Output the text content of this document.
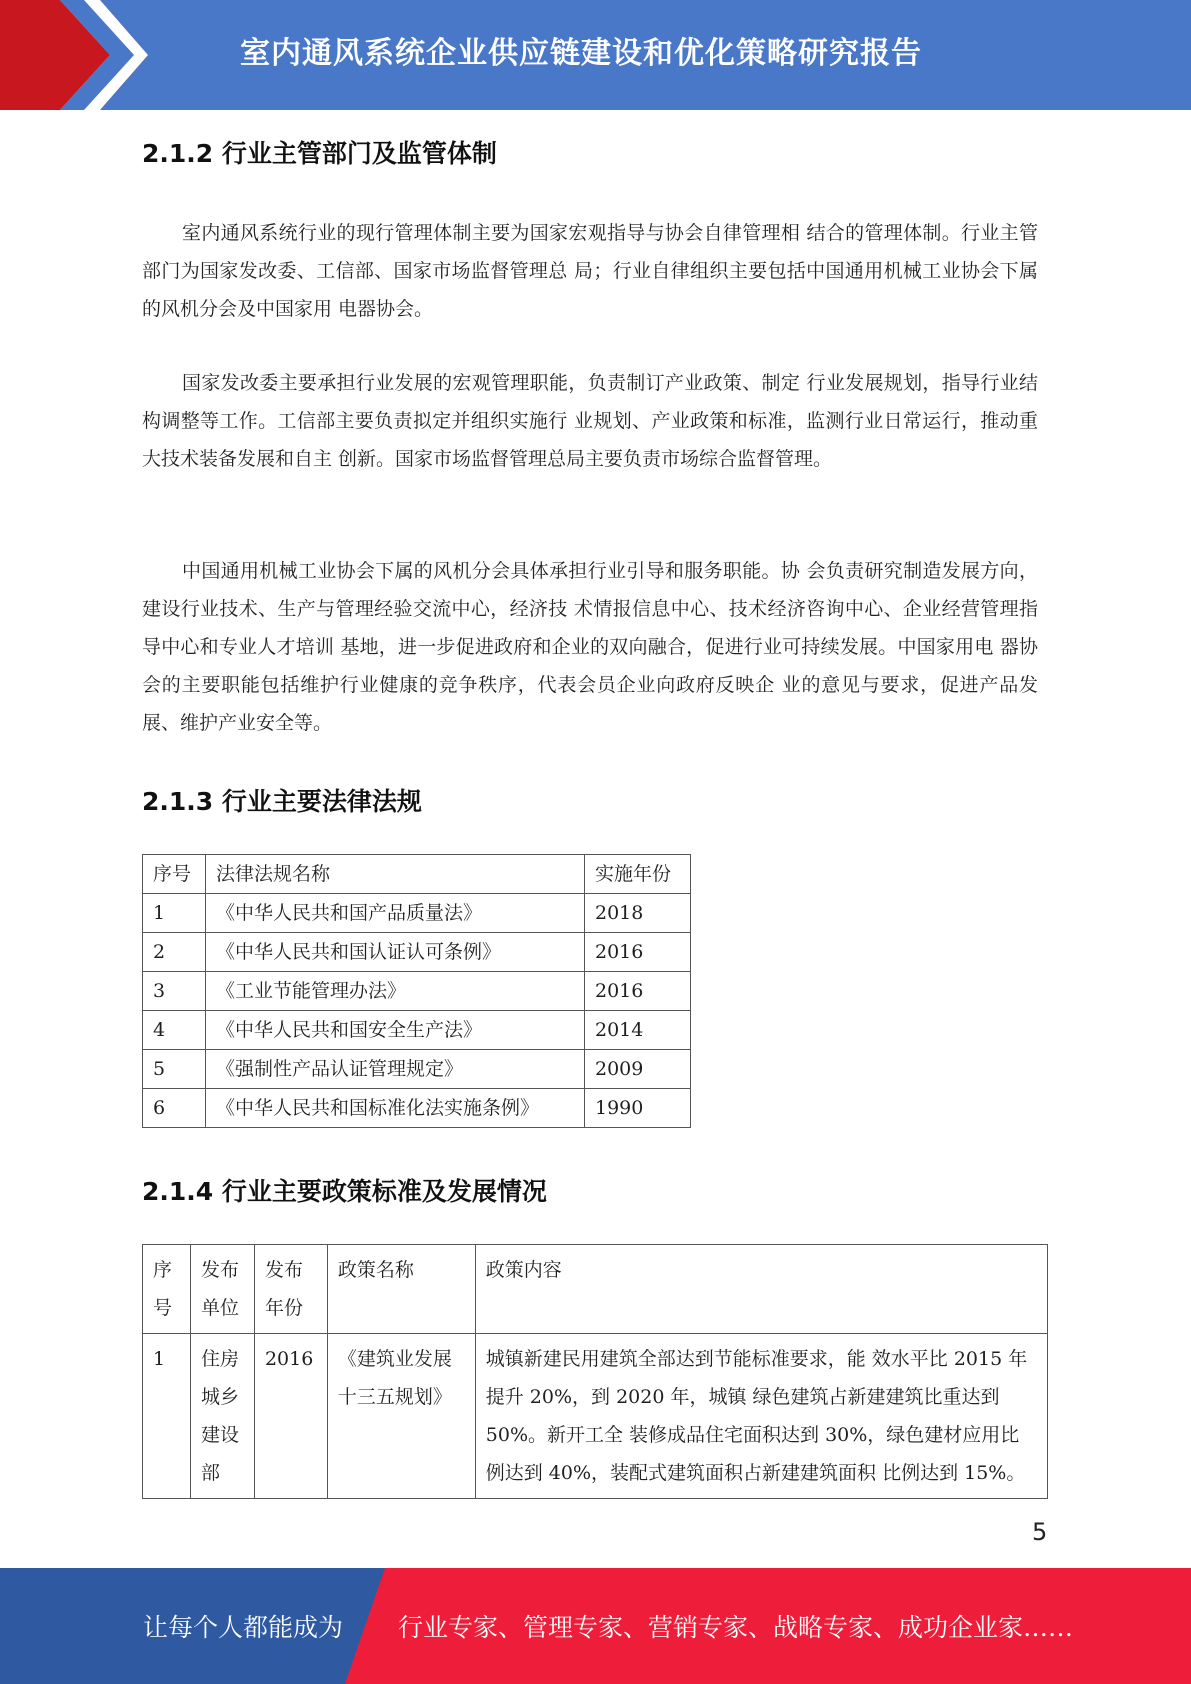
室内通风系统企业供应链建设和优化策略研究报告
2.1.2 行业主管部门及监管体制

室内通风系统行业的现行管理体制主要为国家宏观指导与协会自律管理相 结合的管理体制。行业主管部门为国家发改委、工信部、国家市场监督管理总 局；行业自律组织主要包括中国通用机械工业协会下属的风机分会及中国家用 电器协会。

国家发改委主要承担行业发展的宏观管理职能，负责制订产业政策、制定 行业发展规划，指导行业结构调整等工作。工信部主要负责拟定并组织实施行 业规划、产业政策和标准，监测行业日常运行，推动重大技术装备发展和自主 创新。国家市场监督管理总局主要负责市场综合监督管理。

中国通用机械工业协会下属的风机分会具体承担行业引导和服务职能。协 会负责研究制造发展方向，建设行业技术、生产与管理经验交流中心，经济技 术情报信息中心、技术经济咨询中心、企业经营管理指导中心和专业人才培训 基地，进一步促进政府和企业的双向融合，促进行业可持续发展。中国家用电 器协会的主要职能包括维护行业健康的竞争秩序，代表会员企业向政府反映企 业的意见与要求，促进产品发展、维护产业安全等。

2.1.3 行业主要法律法规
序号	法律法规名称	实施年份
1	《中华人民共和国产品质量法》	2018
2	《中华人民共和国认证认可条例》	2016
3	《工业节能管理办法》	2016
4	《中华人民共和国安全生产法》	2014
5	《强制性产品认证管理规定》	2009
6	《中华人民共和国标准化法实施条例》	1990
2.1.4 行业主要政策标准及发展情况
序号	发布单位	发布年份	政策名称	政策内容
1	住房城乡建设部	2016	《建筑业发展十三五规划》	城镇新建民用建筑全部达到节能标准要求，能 效水平比 2015 年提升 20%，到 2020 年，城镇 绿色建筑占新建建筑比重达到 50%。新开工全 装修成品住宅面积达到 30%，绿色建材应用比 例达到 40%，装配式建筑面积占新建建筑面积 比例达到 15%。
5
让每个人都能成为 行业专家、管理专家、营销专家、战略专家、成功企业家……
